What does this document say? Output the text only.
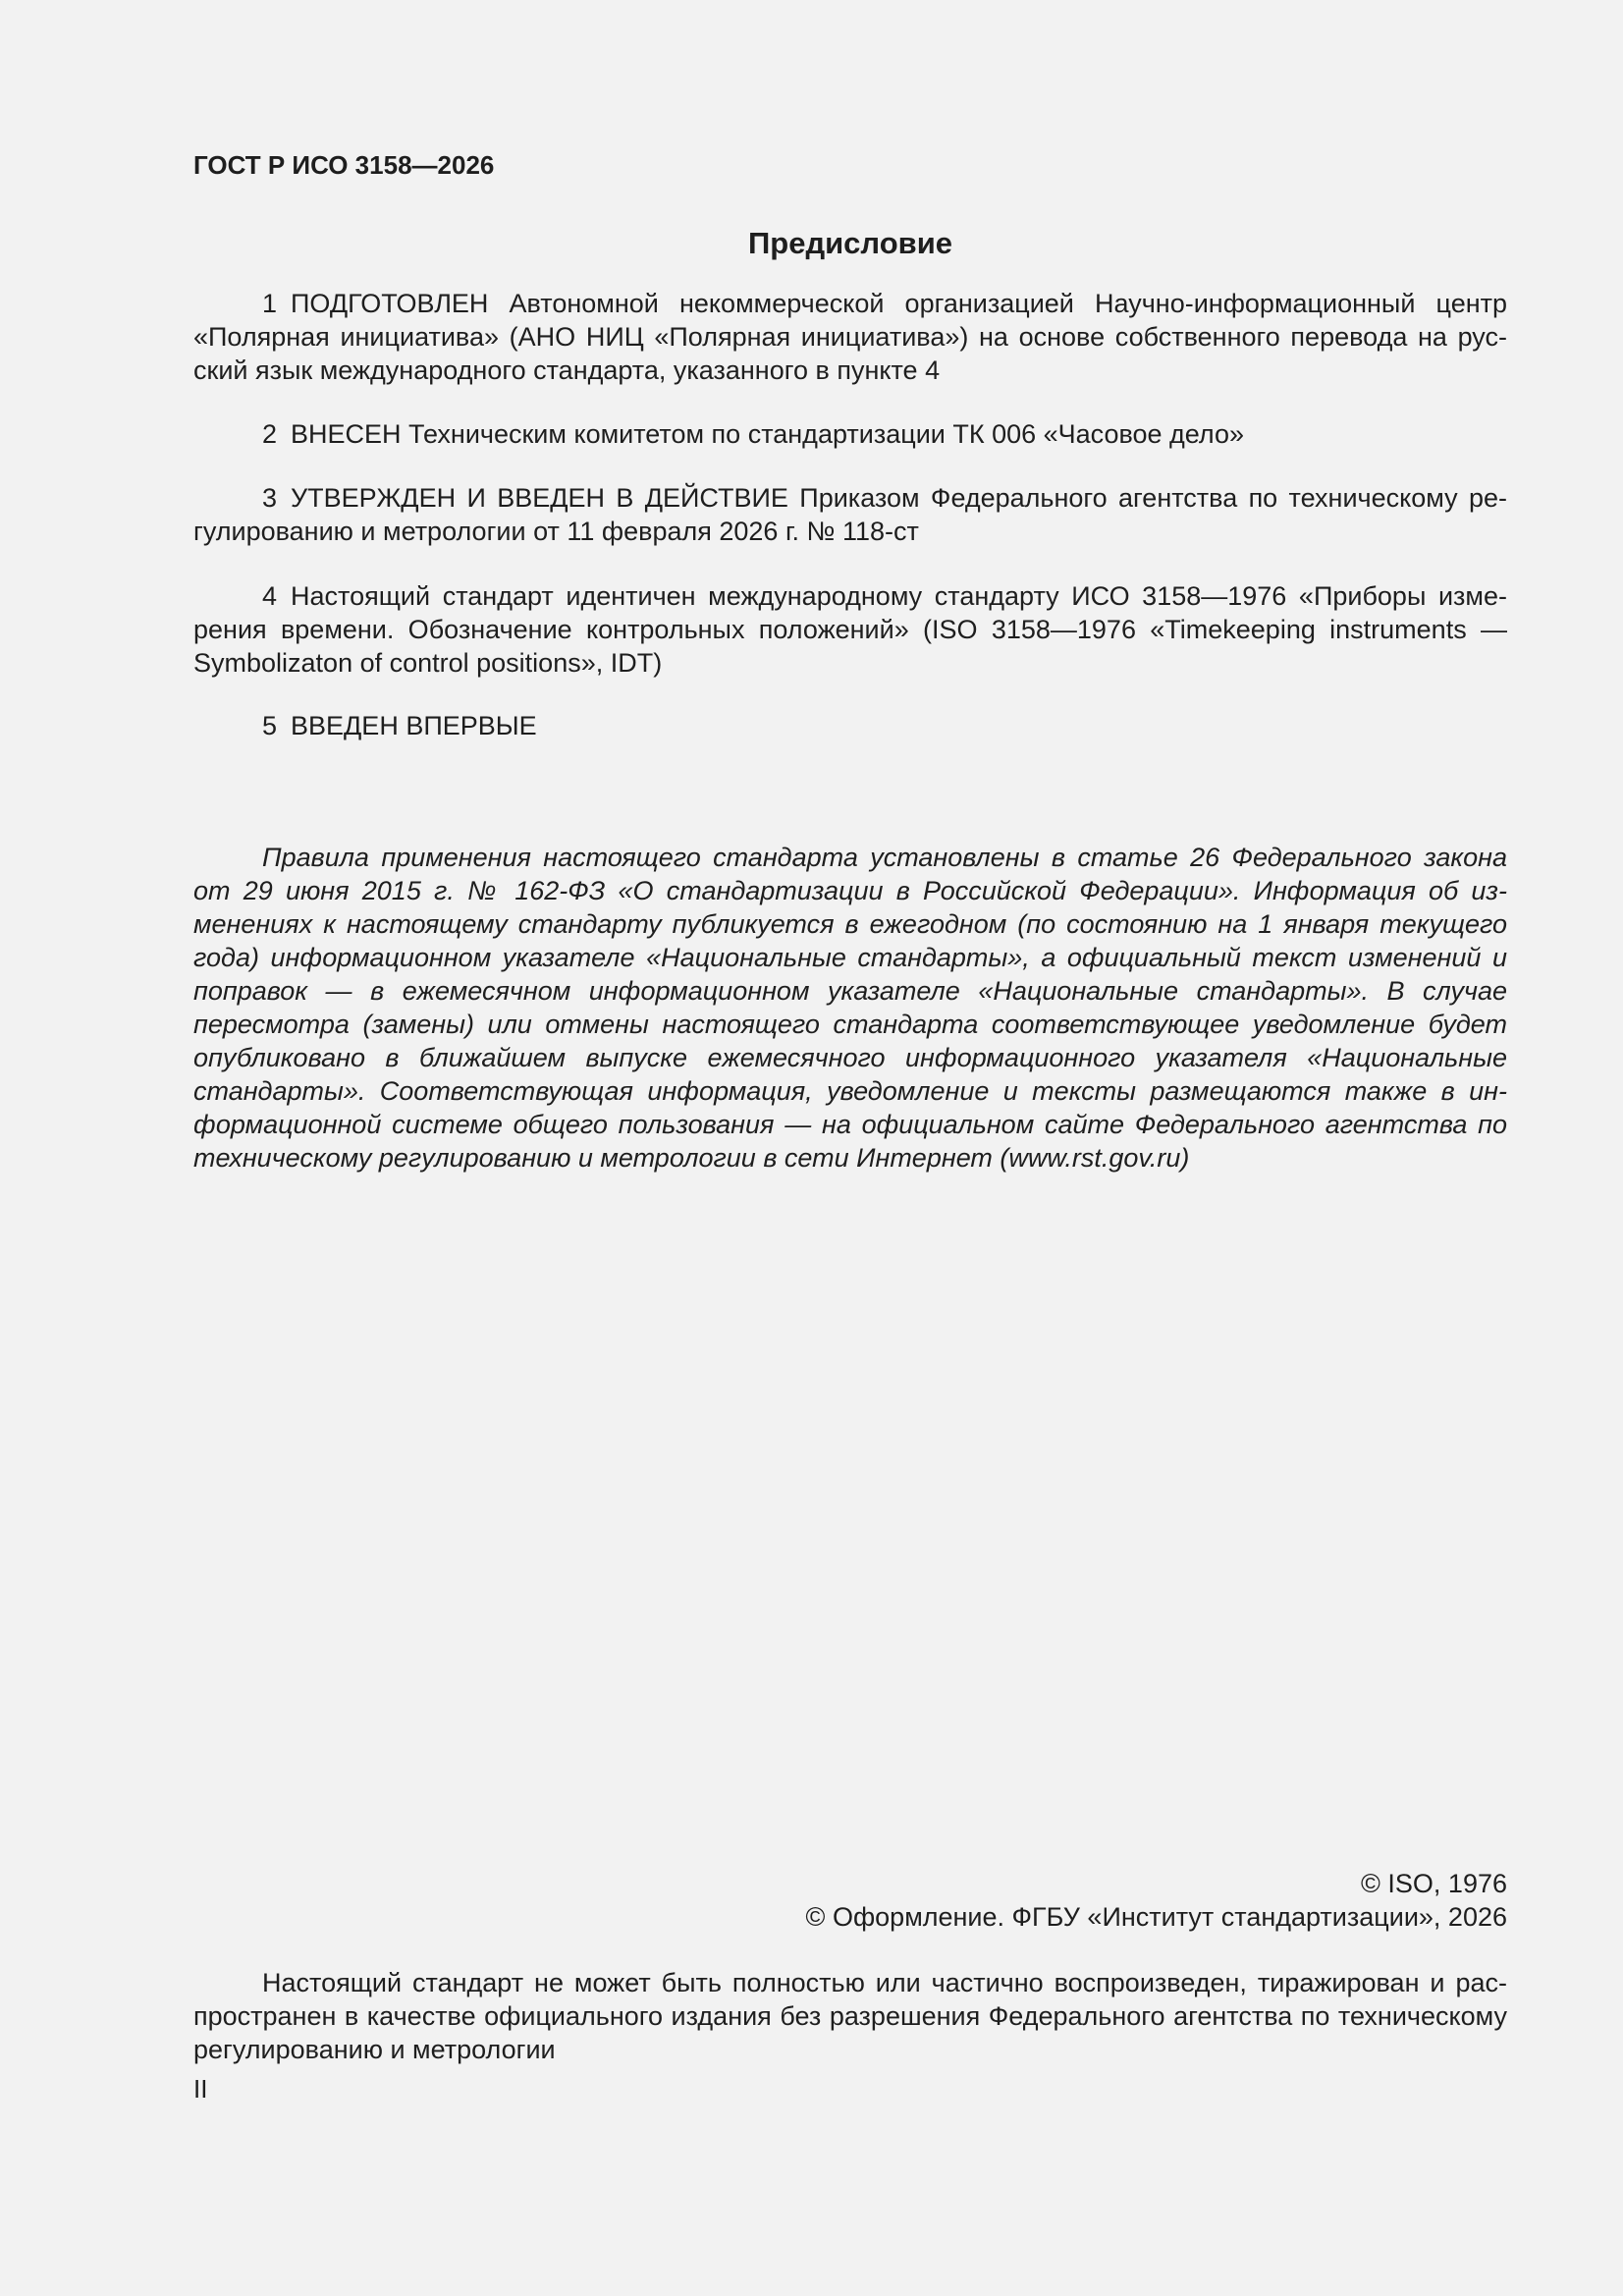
ГОСТ Р ИСО 3158—2026
Предисловие

1 ПОДГОТОВЛЕН Автономной некоммерческой организацией Научно-информационный центр «Полярная инициатива» (АНО НИЦ «Полярная инициатива») на основе собственного перевода на русский язык международного стандарта, указанного в пункте 4

2 ВНЕСЕН Техническим комитетом по стандартизации ТК 006 «Часовое дело»

3 УТВЕРЖДЕН И ВВЕДЕН В ДЕЙСТВИЕ Приказом Федерального агентства по техническому регулированию и метрологии от 11 февраля 2026 г. № 118-ст

4 Настоящий стандарт идентичен международному стандарту ИСО 3158—1976 «Приборы измерения времени. Обозначение контрольных положений» (ISO 3158—1976 «Timekeeping instruments — Symbolizaton of control positions», IDT)

5 ВВЕДЕН ВПЕРВЫЕ

Правила применения настоящего стандарта установлены в статье 26 Федерального закона от 29 июня 2015 г. № 162-ФЗ «О стандартизации в Российской Федерации». Информация об изменениях к настоящему стандарту публикуется в ежегодном (по состоянию на 1 января текущего года) информационном указателе «Национальные стандарты», а официальный текст изменений и поправок — в ежемесячном информационном указателе «Национальные стандарты». В случае пересмотра (замены) или отмены настоящего стандарта соответствующее уведомление будет опубликовано в ближайшем выпуске ежемесячного информационного указателя «Национальные стандарты». Соответствующая информация, уведомление и тексты размещаются также в информационной системе общего пользования — на официальном сайте Федерального агентства по техническому регулированию и метрологии в сети Интернет (www.rst.gov.ru)

© ISO, 1976
© Оформление. ФГБУ «Институт стандартизации», 2026

Настоящий стандарт не может быть полностью или частично воспроизведен, тиражирован и распространен в качестве официального издания без разрешения Федерального агентства по техническому регулированию и метрологии

II
